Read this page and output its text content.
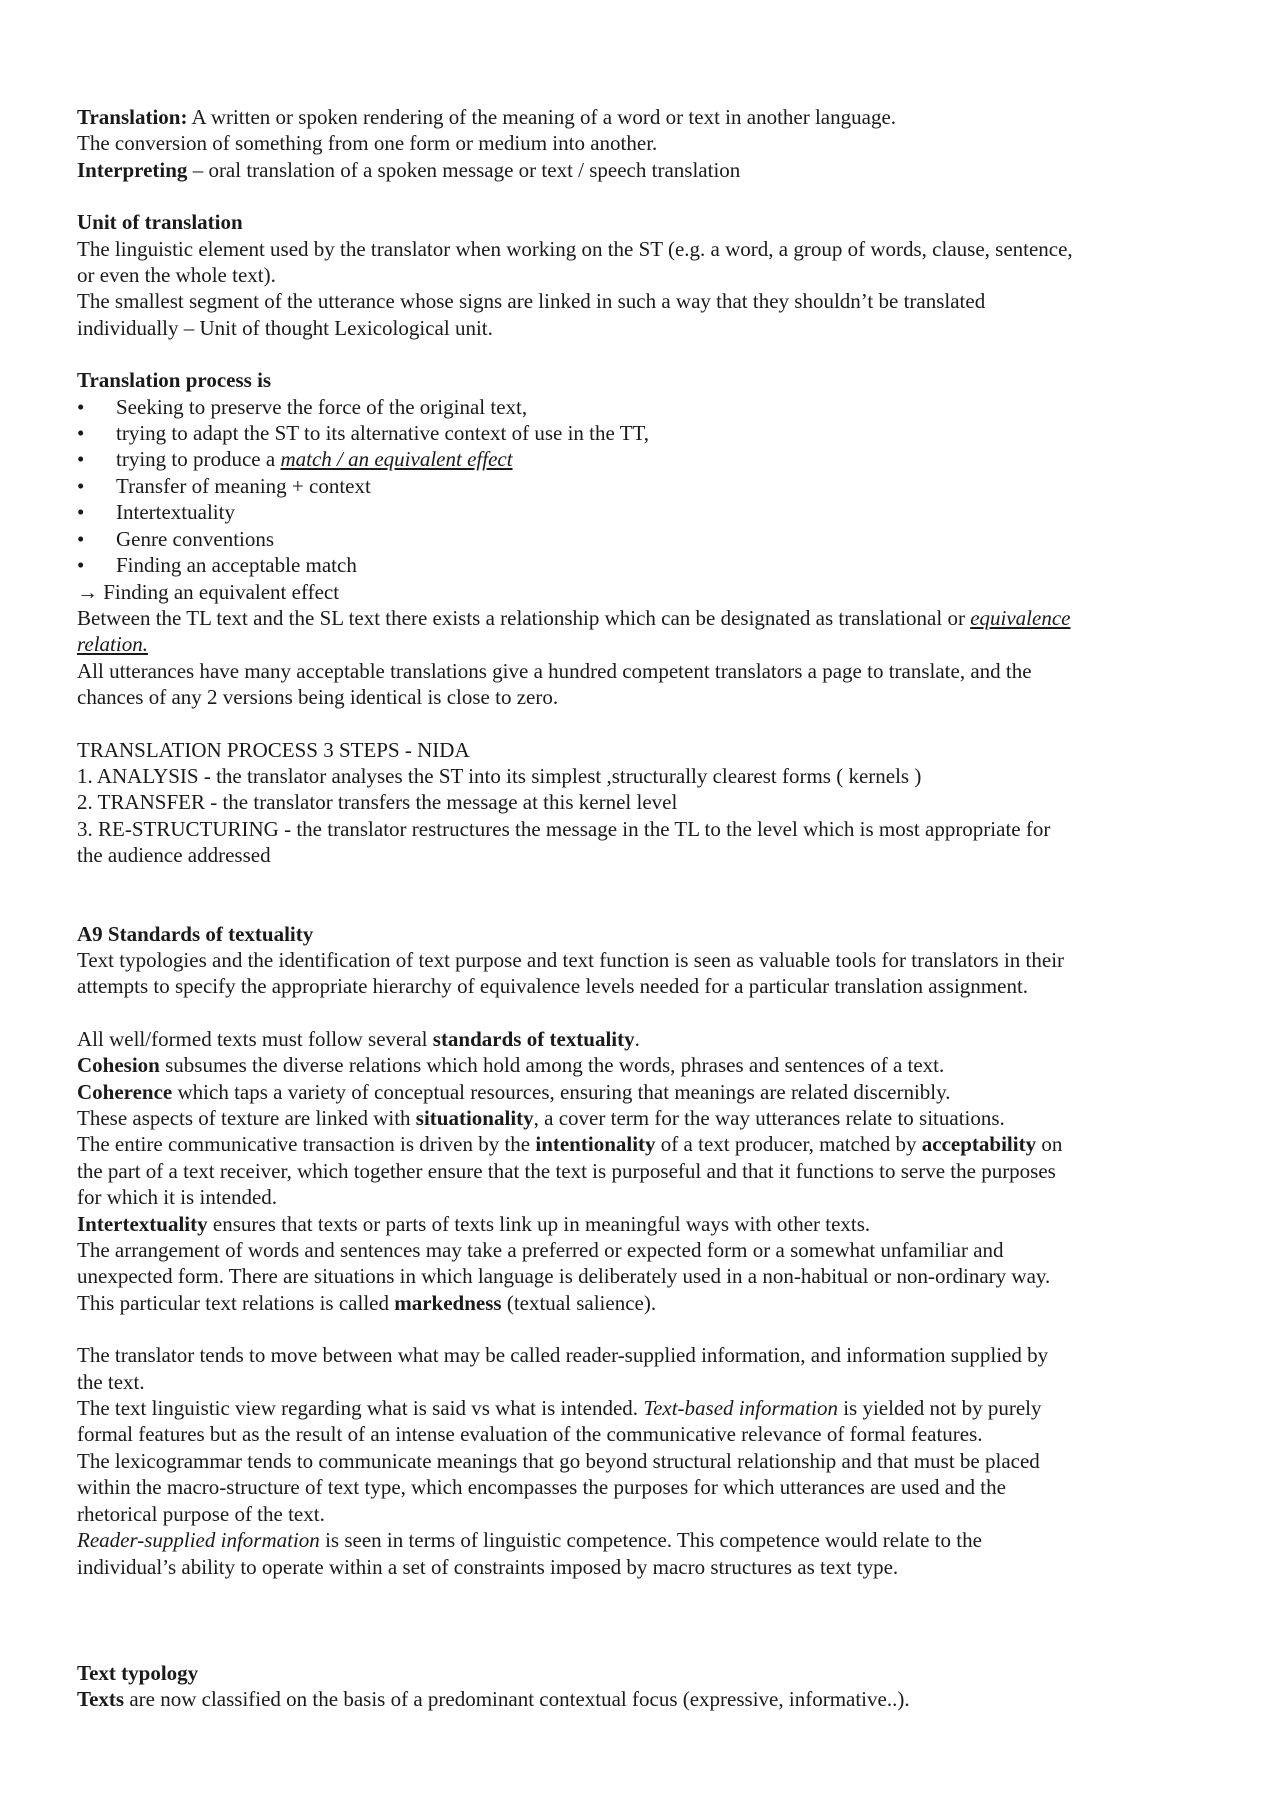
Translation: A written or spoken rendering of the meaning of a word or text in another language.
The conversion of something from one form or medium into another.
Interpreting – oral translation of a spoken message or text / speech translation
Unit of translation
The linguistic element used by the translator when working on the ST (e.g. a word, a group of words, clause, sentence,
or even the whole text).
The smallest segment of the utterance whose signs are linked in such a way that they shouldn’t be translated
individually – Unit of thought Lexicological unit.
Translation process is
• Seeking to preserve the force of the original text,
• trying to adapt the ST to its alternative context of use in the TT,
• trying to produce a match / an equivalent effect
• Transfer of meaning + context
• Intertextuality
• Genre conventions
• Finding an acceptable match
→ Finding an equivalent effect
Between the TL text and the SL text there exists a relationship which can be designated as translational or equivalence
relation.
All utterances have many acceptable translations give a hundred competent translators a page to translate, and the
chances of any 2 versions being identical is close to zero.
TRANSLATION PROCESS 3 STEPS - NIDA
1. ANALYSIS - the translator analyses the ST into its simplest ,structurally clearest forms ( kernels )
2. TRANSFER - the translator transfers the message at this kernel level
3. RE-STRUCTURING - the translator restructures the message in the TL to the level which is most appropriate for
the audience addressed
A9 Standards of textuality
Text typologies and the identification of text purpose and text function is seen as valuable tools for translators in their
attempts to specify the appropriate hierarchy of equivalence levels needed for a particular translation assignment.
All well/formed texts must follow several standards of textuality.
Cohesion subsumes the diverse relations which hold among the words, phrases and sentences of a text.
Coherence which taps a variety of conceptual resources, ensuring that meanings are related discernibly.
These aspects of texture are linked with situationality, a cover term for the way utterances relate to situations.
The entire communicative transaction is driven by the intentionality of a text producer, matched by acceptability on
the part of a text receiver, which together ensure that the text is purposeful and that it functions to serve the purposes
for which it is intended.
Intertextuality ensures that texts or parts of texts link up in meaningful ways with other texts.
The arrangement of words and sentences may take a preferred or expected form or a somewhat unfamiliar and
unexpected form. There are situations in which language is deliberately used in a non-habitual or non-ordinary way.
This particular text relations is called markedness (textual salience).
The translator tends to move between what may be called reader-supplied information, and information supplied by
the text.
The text linguistic view regarding what is said vs what is intended. Text-based information is yielded not by purely
formal features but as the result of an intense evaluation of the communicative relevance of formal features.
The lexicogrammar tends to communicate meanings that go beyond structural relationship and that must be placed
within the macro-structure of text type, which encompasses the purposes for which utterances are used and the
rhetorical purpose of the text.
Reader-supplied information is seen in terms of linguistic competence. This competence would relate to the
individual’s ability to operate within a set of constraints imposed by macro structures as text type.
Text typology
Texts are now classified on the basis of a predominant contextual focus (expressive, informative..).
